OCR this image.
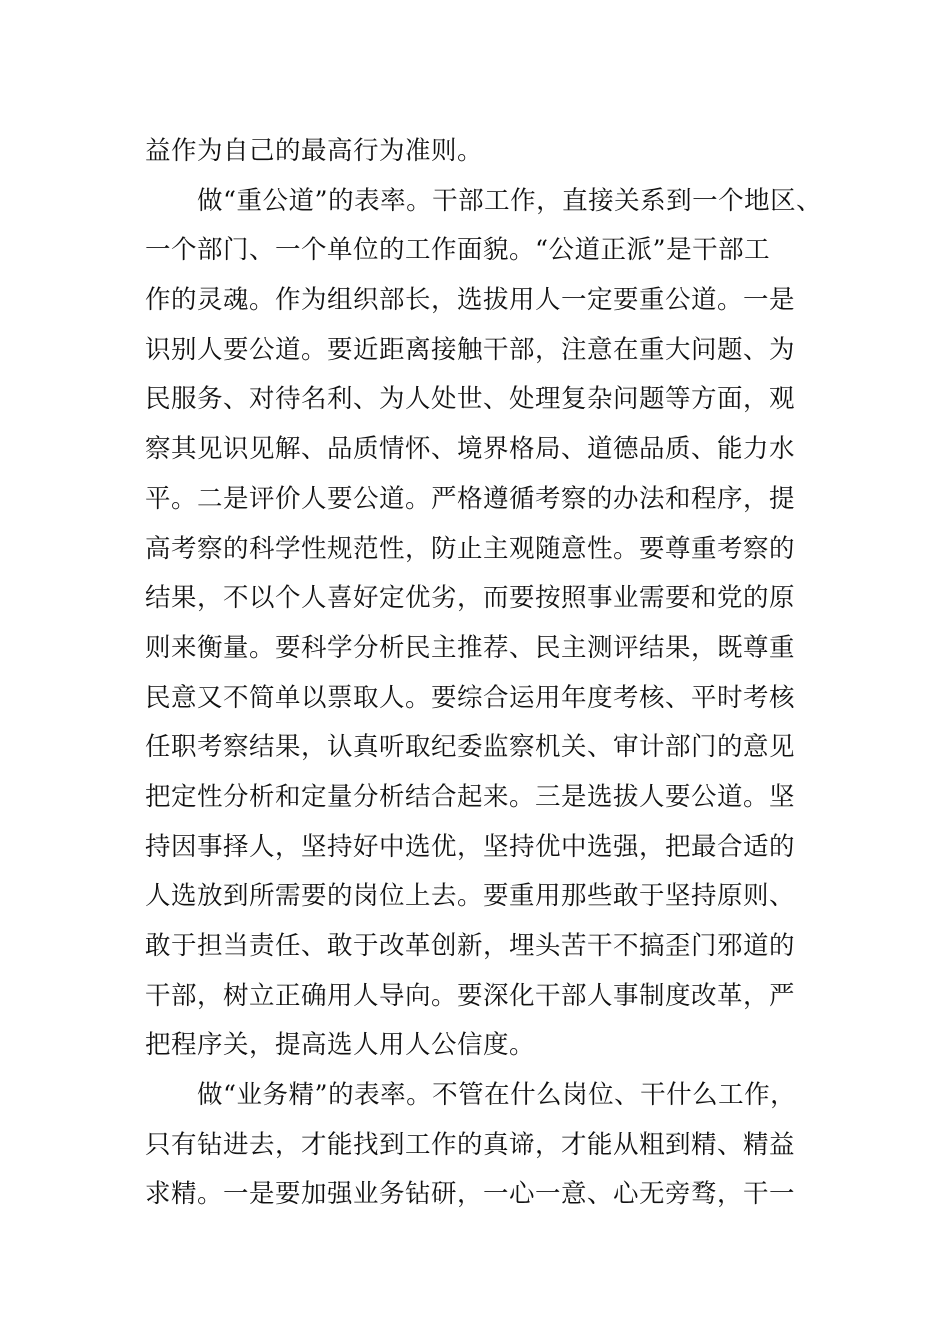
益作为自己的最高行为准则。
　　做“重公道”的表率。干部工作，直接关系到一个地区、
一个部门、一个单位的工作面貌。“公道正派”是干部工
作的灵魂。作为组织部长，选拔用人一定要重公道。一是
识别人要公道。要近距离接触干部，注意在重大问题、为
民服务、对待名利、为人处世、处理复杂问题等方面，观
察其见识见解、品质情怀、境界格局、道德品质、能力水
平。二是评价人要公道。严格遵循考察的办法和程序，提
高考察的科学性规范性，防止主观随意性。要尊重考察的
结果，不以个人喜好定优劣，而要按照事业需要和党的原
则来衡量。要科学分析民主推荐、民主测评结果，既尊重
民意又不简单以票取人。要综合运用年度考核、平时考核
任职考察结果，认真听取纪委监察机关、审计部门的意见
把定性分析和定量分析结合起来。三是选拔人要公道。坚
持因事择人，坚持好中选优，坚持优中选强，把最合适的
人选放到所需要的岗位上去。要重用那些敢于坚持原则、
敢于担当责任、敢于改革创新，埋头苦干不搞歪门邪道的
干部，树立正确用人导向。要深化干部人事制度改革，严
把程序关，提高选人用人公信度。
　　做“业务精”的表率。不管在什么岗位、干什么工作，
只有钻进去，才能找到工作的真谛，才能从粗到精、精益
求精。一是要加强业务钻研，一心一意、心无旁骛，干一
